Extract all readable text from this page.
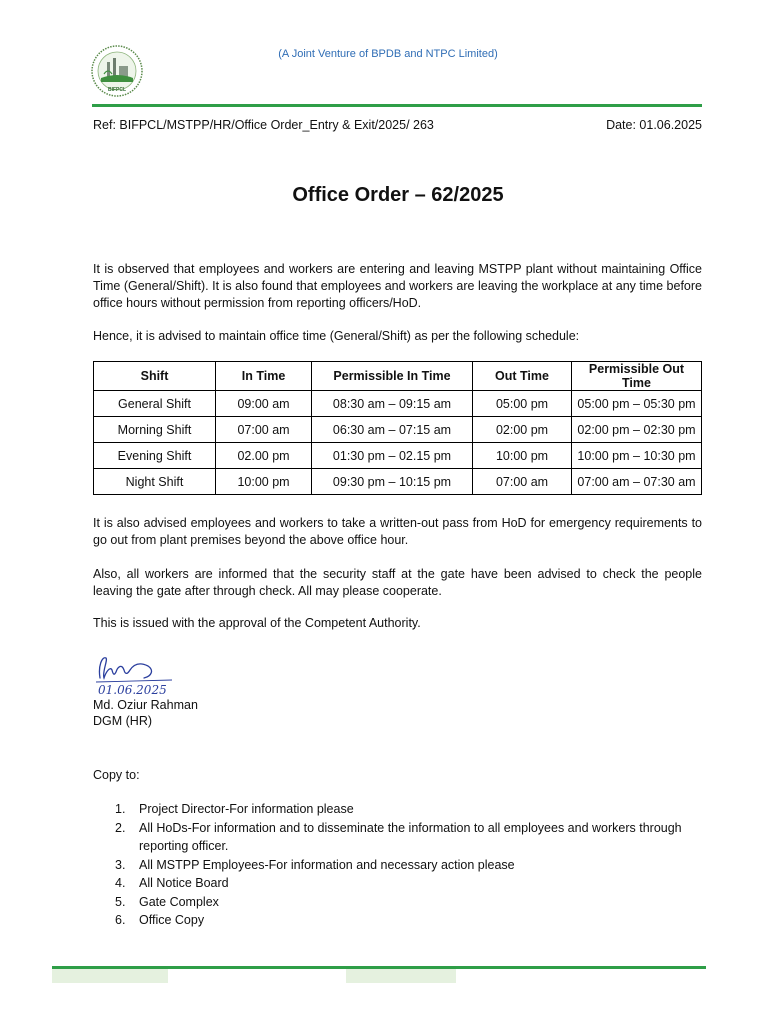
BIFPCL
(A Joint Venture of BPDB and NTPC Limited)
Ref: BIFPCL/MSTPP/HR/Office Order_Entry & Exit/2025/ 263	Date: 01.06.2025
Office Order – 62/2025

It is observed that employees and workers are entering and leaving MSTPP plant without maintaining Office Time (General/Shift). It is also found that employees and workers are leaving the workplace at any time before office hours without permission from reporting officers/HoD.

Hence, it is advised to maintain office time (General/Shift) as per the following schedule:

Shift	In Time	Permissible In Time	Out Time	Permissible Out Time
General Shift	09:00 am	08:30 am – 09:15 am	05:00 pm	05:00 pm – 05:30 pm
Morning Shift	07:00 am	06:30 am – 07:15 am	02:00 pm	02:00 pm – 02:30 pm
Evening Shift	02.00 pm	01:30 pm – 02.15 pm	10:00 pm	10:00 pm – 10:30 pm
Night Shift	10:00 pm	09:30 pm – 10:15 pm	07:00 am	07:00 am – 07:30 am

It is also advised employees and workers to take a written-out pass from HoD for emergency requirements to go out from plant premises beyond the above office hour.

Also, all workers are informed that the security staff at the gate have been advised to check the people leaving the gate after through check. All may please cooperate.

This is issued with the approval of the Competent Authority.

01.06.2025
Md. Oziur Rahman
DGM (HR)
Copy to:
1. Project Director-For information please
2. All HoDs-For information and to disseminate the information to all employees and workers through reporting officer.
3. All MSTPP Employees-For information and necessary action please
4. All Notice Board
5. Gate Complex
6. Office Copy
